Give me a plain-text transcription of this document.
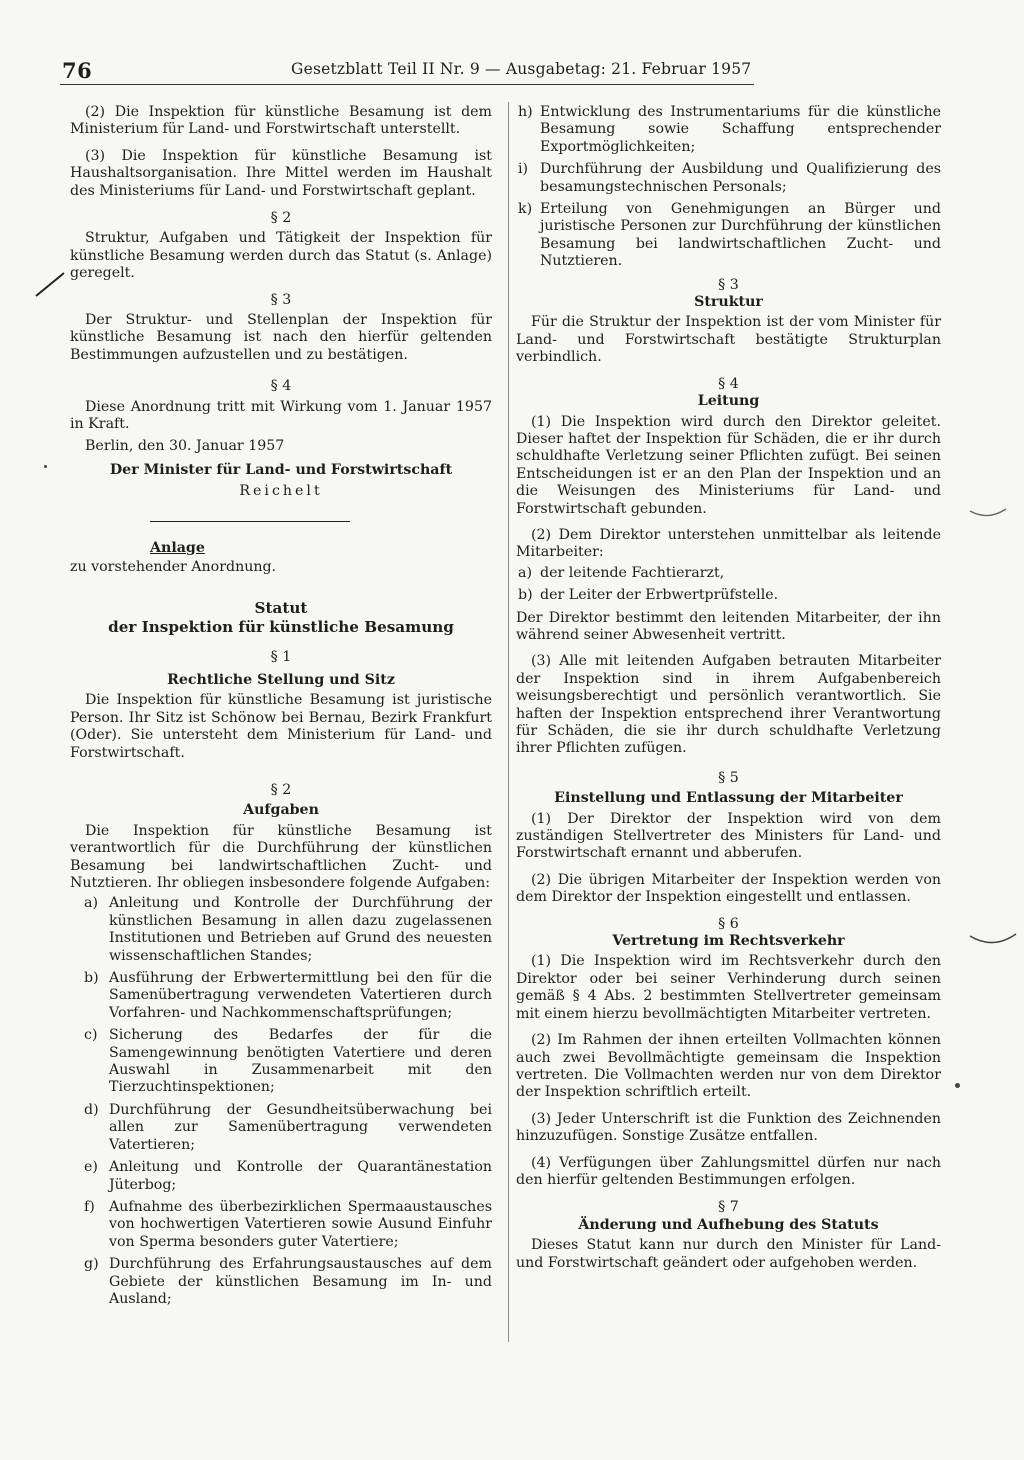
76	Gesetzblatt Teil II Nr. 9 — Ausgabetag: 21. Februar 1957

(2) Die Inspektion für künstliche Besamung ist dem Ministerium für Land- und Forstwirtschaft unterstellt.

(3) Die Inspektion für künstliche Besamung ist Haushaltsorganisation. Ihre Mittel werden im Haushalt des Ministeriums für Land- und Forstwirtschaft geplant.

§ 2

Struktur, Aufgaben und Tätigkeit der Inspektion für künstliche Besamung werden durch das Statut (s. Anlage) geregelt.

§ 3

Der Struktur- und Stellenplan der Inspektion für künstliche Besamung ist nach den hierfür geltenden Bestimmungen aufzustellen und zu bestätigen.

§ 4

Diese Anordnung tritt mit Wirkung vom 1. Januar 1957 in Kraft.

Berlin, den 30. Januar 1957

Der Minister für Land- und Forstwirtschaft

Reichelt

Anlage

zu vorstehender Anordnung.

Statut
der Inspektion für künstliche Besamung

§ 1

Rechtliche Stellung und Sitz

Die Inspektion für künstliche Besamung ist juristische Person. Ihr Sitz ist Schönow bei Bernau, Bezirk Frankfurt (Oder). Sie untersteht dem Ministerium für Land- und Forstwirtschaft.

§ 2

Aufgaben

Die Inspektion für künstliche Besamung ist verantwortlich für die Durchführung der künstlichen Besamung bei landwirtschaftlichen Zucht- und Nutztieren. Ihr obliegen insbesondere folgende Aufgaben:

a) Anleitung und Kontrolle der Durchführung der künstlichen Besamung in allen dazu zugelassenen Institutionen und Betrieben auf Grund des neuesten wissenschaftlichen Standes;
b) Ausführung der Erbwertermittlung bei den für die Samenübertragung verwendeten Vatertieren durch Vorfahren- und Nachkommenschaftsprüfungen;
c) Sicherung des Bedarfes der für die Samengewinnung benötigten Vatertiere und deren Auswahl in Zusammenarbeit mit den Tierzuchtinspektionen;
d) Durchführung der Gesundheitsüberwachung bei allen zur Samenübertragung verwendeten Vatertieren;
e) Anleitung und Kontrolle der Quarantänestation Jüterbog;
f)	Aufnahme des überbezirklichen Spermaaustausches von hochwertigen Vatertieren sowie Ausund Einfuhr von Sperma besonders guter Vatertiere;
g) Durchführung des Erfahrungsaustausches auf dem Gebiete der künstlichen Besamung im In- und Ausland;
h) Entwicklung des Instrumentariums für die künstliche Besamung sowie Schaffung entsprechender Exportmöglichkeiten;
i) Durchführung der Ausbildung und Qualifizierung des besamungstechnischen Personals;
k) Erteilung von Genehmigungen an Bürger und juristische Personen zur Durchführung der künstlichen Besamung bei landwirtschaftlichen Zucht- und Nutztieren.

§ 3

Struktur

Für die Struktur der Inspektion ist der vom Minister für Land- und Forstwirtschaft bestätigte Strukturplan verbindlich.

§ 4

Leitung

(1) Die Inspektion wird durch den Direktor geleitet. Dieser haftet der Inspektion für Schäden, die er ihr durch schuldhafte Verletzung seiner Pflichten zufügt. Bei seinen Entscheidungen ist er an den Plan der Inspektion und an die Weisungen des Ministeriums für Land- und Forstwirtschaft gebunden.

(2) Dem Direktor unterstehen unmittelbar als leitende Mitarbeiter:

a) der leitende Fachtierarzt,
b) der Leiter der Erbwertprüfstelle.

Der Direktor bestimmt den leitenden Mitarbeiter, der ihn während seiner Abwesenheit vertritt.

(3) Alle mit leitenden Aufgaben betrauten Mitarbeiter der Inspektion sind in ihrem Aufgabenbereich weisungsberechtigt und persönlich verantwortlich. Sie haften der Inspektion entsprechend ihrer Verantwortung für Schäden, die sie ihr durch schuldhafte Verletzung ihrer Pflichten zufügen.

§ 5

Einstellung und Entlassung der Mitarbeiter

(1) Der Direktor der Inspektion wird von dem zuständigen Stellvertreter des Ministers für Land- und Forstwirtschaft ernannt und abberufen.

(2) Die übrigen Mitarbeiter der Inspektion werden von dem Direktor der Inspektion eingestellt und entlassen.

§ 6

Vertretung im Rechtsverkehr

(1) Die Inspektion wird im Rechtsverkehr durch den Direktor oder bei seiner Verhinderung durch seinen gemäß § 4 Abs. 2 bestimmten Stellvertreter gemeinsam mit einem hierzu bevollmächtigten Mitarbeiter vertreten.

(2) Im Rahmen der ihnen erteilten Vollmachten können auch zwei Bevollmächtigte gemeinsam die Inspektion vertreten. Die Vollmachten werden nur von dem Direktor der Inspektion schriftlich erteilt.

(3) Jeder Unterschrift ist die Funktion des Zeichnenden hinzuzufügen. Sonstige Zusätze entfallen.

(4) Verfügungen über Zahlungsmittel dürfen nur nach den hierfür geltenden Bestimmungen erfolgen.

§ 7

Änderung und Aufhebung des Statuts

Dieses Statut kann nur durch den Minister für Land- und Forstwirtschaft geändert oder aufgehoben werden.
